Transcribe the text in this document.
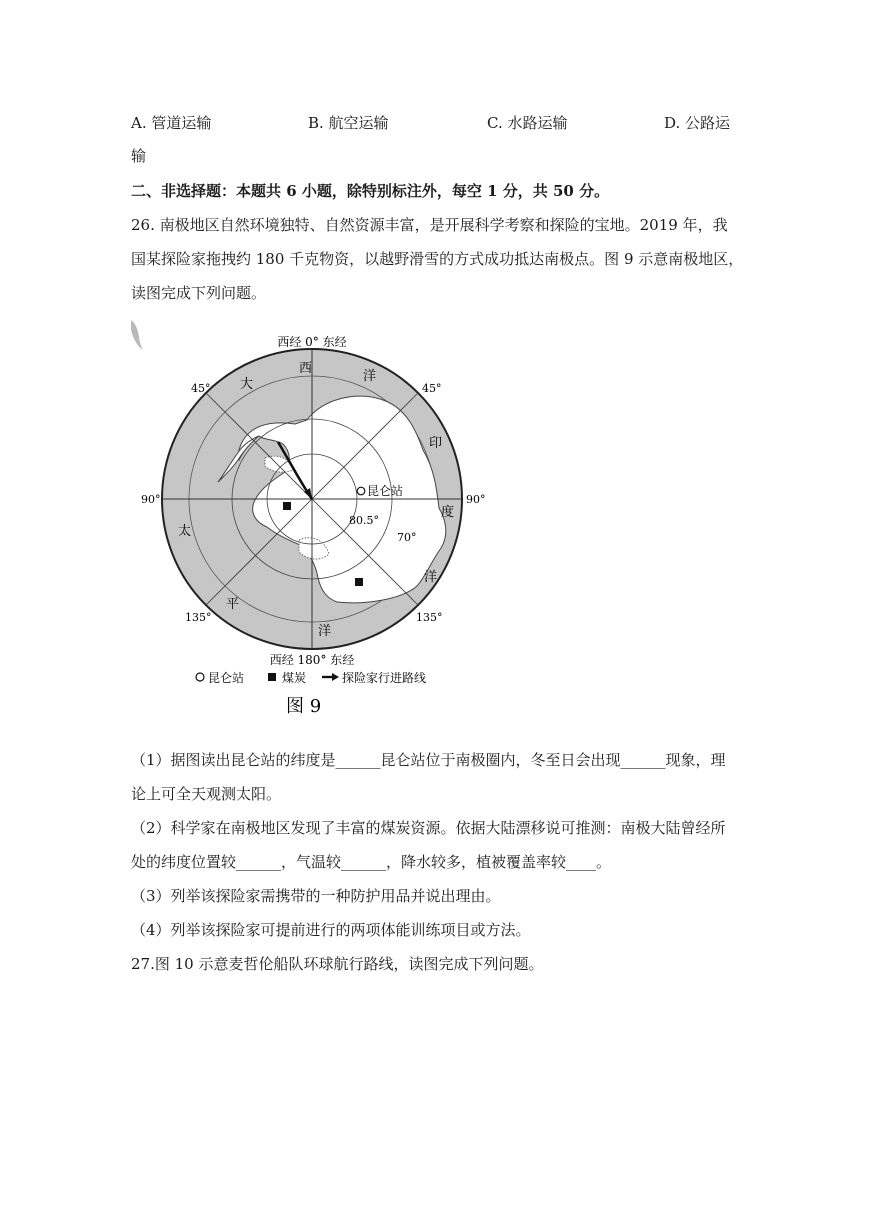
A. 管道运输	B. 航空运输	C. 水路运输	D. 公路运
输
二、非选择题：本题共 6 小题，除特别标注外，每空 1 分，共 50 分。
26. 南极地区自然环境独特、自然资源丰富，是开展科学考察和探险的宝地。2019 年，我
国某探险家拖拽约 180 千克物资，以越野滑雪的方式成功抵达南极点。图 9 示意南极地区，
读图完成下列问题。
昆仑站
80.5°
70°
西经 0° 东经
西经 180° 东经
45°	45°
90°	90°
135°	135°
大
西
洋
印
度
洋
太
平
洋
昆仑站	煤炭	探险家行进路线
图 9
（1）据图读出昆仑站的纬度是______昆仑站位于南极圈内，冬至日会出现______现象，理
论上可全天观测太阳。
（2）科学家在南极地区发现了丰富的煤炭资源。依据大陆漂移说可推测：南极大陆曾经所
处的纬度位置较______，气温较______，降水较多，植被覆盖率较____。
（3）列举该探险家需携带的一种防护用品并说出理由。
（4）列举该探险家可提前进行的两项体能训练项目或方法。
27.图 10 示意麦哲伦船队环球航行路线，读图完成下列问题。
